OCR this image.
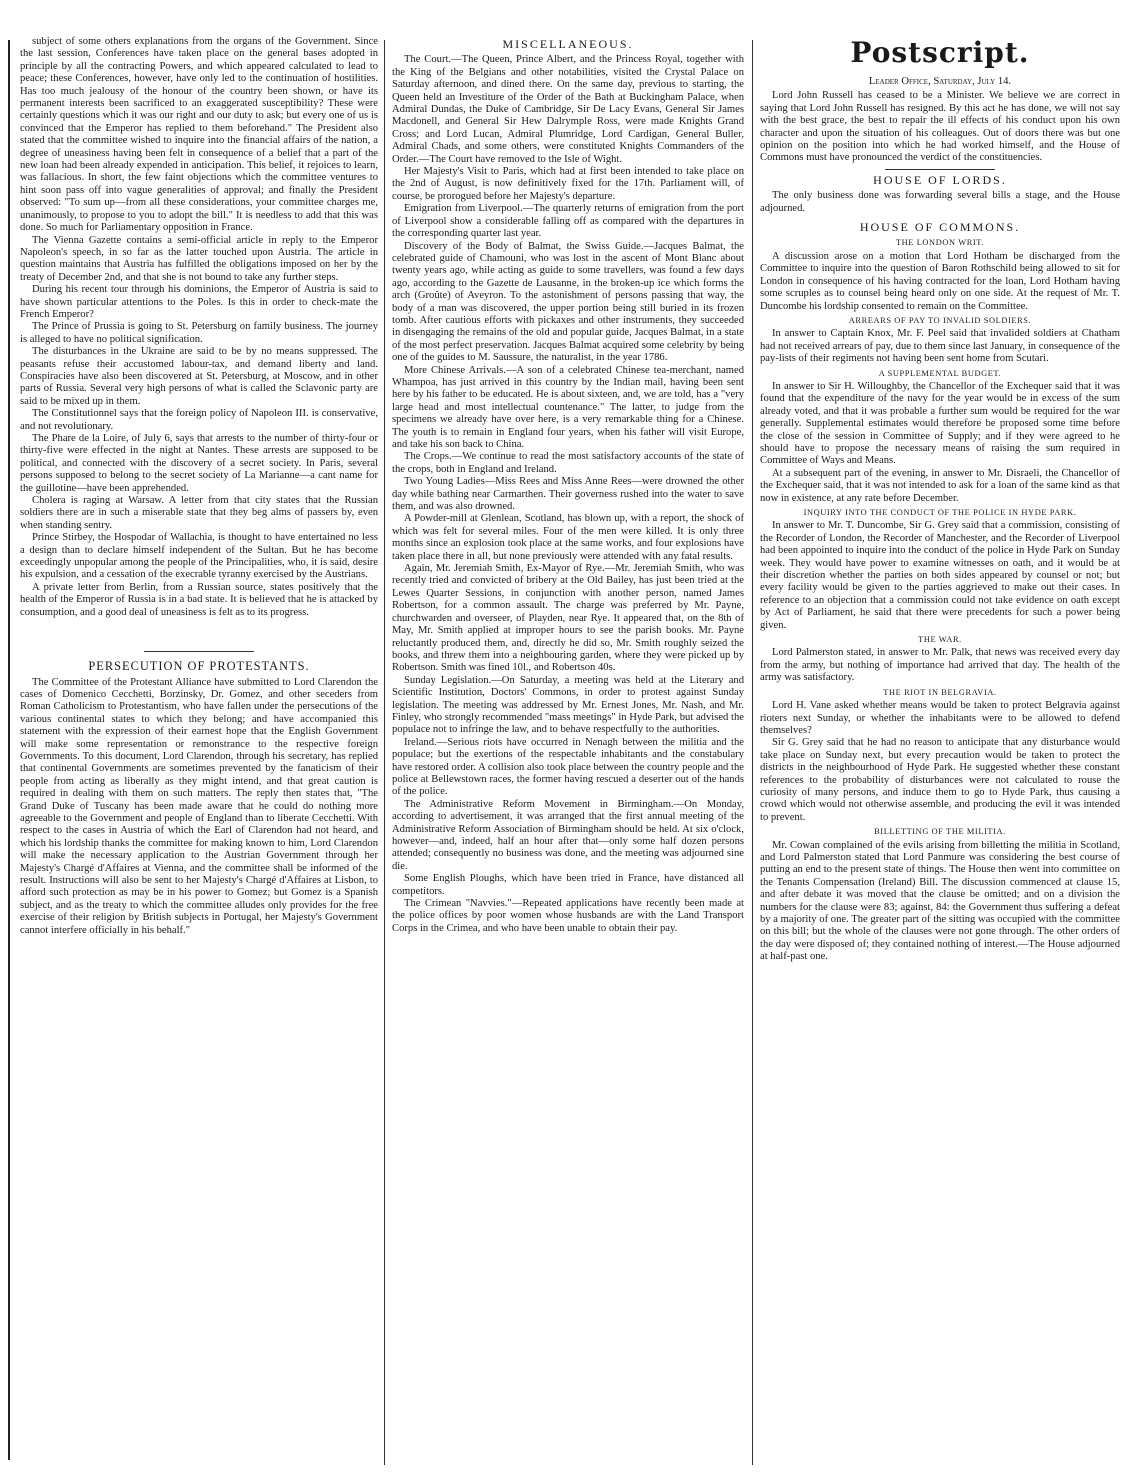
subject of some others explanations from the organs of the Government. Since the last session, Conferences have taken place on the general bases adopted in principle by all the contracting Powers, and which appeared calculated to lead to peace; these Conferences, however, have only led to the continuation of hostilities. Has too much jealousy of the honour of the country been shown, or have its permanent interests been sacrificed to an exaggerated susceptibility? These were certainly questions which it was our right and our duty to ask; but every one of us is convinced that the Emperor has replied to them beforehand." The President also stated that the committee wished to inquire into the financial affairs of the nation, a degree of uneasiness having been felt in consequence of a belief that a part of the new loan had been already expended in anticipation. This belief, it rejoices to learn, was fallacious. In short, the few faint objections which the committee ventures to hint soon pass off into vague generalities of approval; and finally the President observed: "To sum up—from all these considerations, your committee charges me, unanimously, to propose to you to adopt the bill." It is needless to add that this was done. So much for Parliamentary opposition in France.

The Vienna Gazette contains a semi-official article in reply to the Emperor Napoleon's speech, in so far as the latter touched upon Austria. The article in question maintains that Austria has fulfilled the obligations imposed on her by the treaty of December 2nd, and that she is not bound to take any further steps.

During his recent tour through his dominions, the Emperor of Austria is said to have shown particular attentions to the Poles. Is this in order to check-mate the French Emperor?

The Prince of Prussia is going to St. Petersburg on family business. The journey is alleged to have no political signification.

The disturbances in the Ukraine are said to be by no means suppressed. The peasants refuse their accustomed labour-tax, and demand liberty and land. Conspiracies have also been discovered at St. Petersburg, at Moscow, and in other parts of Russia. Several very high persons of what is called the Sclavonic party are said to be mixed up in them.

The Constitutionnel says that the foreign policy of Napoleon III. is conservative, and not revolutionary.

The Phare de la Loire, of July 6, says that arrests to the number of thirty-four or thirty-five were effected in the night at Nantes. These arrests are supposed to be political, and connected with the discovery of a secret society. In Paris, several persons supposed to belong to the secret society of La Marianne—a cant name for the guillotine—have been apprehended.

Cholera is raging at Warsaw. A letter from that city states that the Russian soldiers there are in such a miserable state that they beg alms of passers by, even when standing sentry.

Prince Stirbey, the Hospodar of Wallachia, is thought to have entertained no less a design than to declare himself independent of the Sultan. But he has become exceedingly unpopular among the people of the Principalities, who, it is said, desire his expulsion, and a cessation of the execrable tyranny exercised by the Austrians.

A private letter from Berlin, from a Russian source, states positively that the health of the Emperor of Russia is in a bad state. It is believed that he is attacked by consumption, and a good deal of uneasiness is felt as to its progress.

PERSECUTION OF PROTESTANTS.

The Committee of the Protestant Alliance have submitted to Lord Clarendon the cases of Domenico Cecchetti, Borzinsky, Dr. Gomez, and other seceders from Roman Catholicism to Protestantism, who have fallen under the persecutions of the various continental states to which they belong; and have accompanied this statement with the expression of their earnest hope that the English Government will make some representation or remonstrance to the respective foreign Governments. To this document, Lord Clarendon, through his secretary, has replied that continental Governments are sometimes prevented by the fanaticism of their people from acting as liberally as they might intend, and that great caution is required in dealing with them on such matters. The reply then states that, "The Grand Duke of Tuscany has been made aware that he could do nothing more agreeable to the Government and people of England than to liberate Cecchetti. With respect to the cases in Austria of which the Earl of Clarendon had not heard, and which his lordship thanks the committee for making known to him, Lord Clarendon will make the necessary application to the Austrian Government through her Majesty's Chargé d'Affaires at Vienna, and the committee shall be informed of the result. Instructions will also be sent to her Majesty's Chargé d'Affaires at Lisbon, to afford such protection as may be in his power to Gomez; but Gomez is a Spanish subject, and as the treaty to which the committee alludes only provides for the free exercise of their religion by British subjects in Portugal, her Majesty's Government cannot interfere officially in his behalf."

MISCELLANEOUS.

The Court.—The Queen, Prince Albert, and the Princess Royal, together with the King of the Belgians and other notabilities, visited the Crystal Palace on Saturday afternoon, and dined there. On the same day, previous to starting, the Queen held an Investiture of the Order of the Bath at Buckingham Palace, when Admiral Dundas, the Duke of Cambridge, Sir De Lacy Evans, General Sir James Macdonell, and General Sir Hew Dalrymple Ross, were made Knights Grand Cross; and Lord Lucan, Admiral Plumridge, Lord Cardigan, General Buller, Admiral Chads, and some others, were constituted Knights Commanders of the Order.—The Court have removed to the Isle of Wight.

Her Majesty's Visit to Paris, which had at first been intended to take place on the 2nd of August, is now definitively fixed for the 17th. Parliament will, of course, be prorogued before her Majesty's departure.

Emigration from Liverpool.—The quarterly returns of emigration from the port of Liverpool show a considerable falling off as compared with the departures in the corresponding quarter last year.

Discovery of the Body of Balmat, the Swiss Guide.—Jacques Balmat, the celebrated guide of Chamouni, who was lost in the ascent of Mont Blanc about twenty years ago, while acting as guide to some travellers, was found a few days ago, according to the Gazette de Lausanne, in the broken-up ice which forms the arch (Groûte) of Aveyron. To the astonishment of persons passing that way, the body of a man was discovered, the upper portion being still buried in its frozen tomb. After cautious efforts with pickaxes and other instruments, they succeeded in disengaging the remains of the old and popular guide, Jacques Balmat, in a state of the most perfect preservation. Jacques Balmat acquired some celebrity by being one of the guides to M. Saussure, the naturalist, in the year 1786.

More Chinese Arrivals.—A son of a celebrated Chinese tea-merchant, named Whampoa, has just arrived in this country by the Indian mail, having been sent here by his father to be educated. He is about sixteen, and, we are told, has a "very large head and most intellectual countenance." The latter, to judge from the specimens we already have over here, is a very remarkable thing for a Chinese. The youth is to remain in England four years, when his father will visit Europe, and take his son back to China.

The Crops.—We continue to read the most satisfactory accounts of the state of the crops, both in England and Ireland.

Two Young Ladies—Miss Rees and Miss Anne Rees—were drowned the other day while bathing near Carmarthen. Their governess rushed into the water to save them, and was also drowned.

A Powder-mill at Glenlean, Scotland, has blown up, with a report, the shock of which was felt for several miles. Four of the men were killed. It is only three months since an explosion took place at the same works, and four explosions have taken place there in all, but none previously were attended with any fatal results.

Again, Mr. Jeremiah Smith, Ex-Mayor of Rye.—Mr. Jeremiah Smith, who was recently tried and convicted of bribery at the Old Bailey, has just been tried at the Lewes Quarter Sessions, in conjunction with another person, named James Robertson, for a common assault. The charge was preferred by Mr. Payne, churchwarden and overseer, of Playden, near Rye. It appeared that, on the 8th of May, Mr. Smith applied at improper hours to see the parish books. Mr. Payne reluctantly produced them, and, directly he did so, Mr. Smith roughly seized the books, and threw them into a neighbouring garden, where they were picked up by Robertson. Smith was fined 10l., and Robertson 40s.

Sunday Legislation.—On Saturday, a meeting was held at the Literary and Scientific Institution, Doctors' Commons, in order to protest against Sunday legislation. The meeting was addressed by Mr. Ernest Jones, Mr. Nash, and Mr. Finley, who strongly recommended "mass meetings" in Hyde Park, but advised the populace not to infringe the law, and to behave respectfully to the authorities.

Ireland.—Serious riots have occurred in Nenagh between the militia and the populace; but the exertions of the respectable inhabitants and the constabulary have restored order. A collision also took place between the country people and the police at Bellewstown races, the former having rescued a deserter out of the hands of the police.

The Administrative Reform Movement in Birmingham.—On Monday, according to advertisement, it was arranged that the first annual meeting of the Administrative Reform Association of Birmingham should be held. At six o'clock, however—and, indeed, half an hour after that—only some half dozen persons attended; consequently no business was done, and the meeting was adjourned sine die.

Some English Ploughs, which have been tried in France, have distanced all competitors.

The Crimean "Navvies."—Repeated applications have recently been made at the police offices by poor women whose husbands are with the Land Transport Corps in the Crimea, and who have been unable to obtain their pay.

Postscript.
Leader Office, Saturday, July 14.

Lord John Russell has ceased to be a Minister. We believe we are correct in saying that Lord John Russell has resigned. By this act he has done, we will not say with the best grace, the best to repair the ill effects of his conduct upon his own character and upon the situation of his colleagues. Out of doors there was but one opinion on the position into which he had worked himself, and the House of Commons must have pronounced the verdict of the constituencies.

HOUSE OF LORDS.

The only business done was forwarding several bills a stage, and the House adjourned.

HOUSE OF COMMONS.
THE LONDON WRIT.

A discussion arose on a motion that Lord Hotham be discharged from the Committee to inquire into the question of Baron Rothschild being allowed to sit for London in consequence of his having contracted for the loan, Lord Hotham having some scruples as to counsel being heard only on one side. At the request of Mr. T. Duncombe his lordship consented to remain on the Committee.

ARREARS OF PAY TO INVALID SOLDIERS.

In answer to Captain Knox, Mr. F. Peel said that invalided soldiers at Chatham had not received arrears of pay, due to them since last January, in consequence of the pay-lists of their regiments not having been sent home from Scutari.

A SUPPLEMENTAL BUDGET.

In answer to Sir H. Willoughby, the Chancellor of the Exchequer said that it was found that the expenditure of the navy for the year would be in excess of the sum already voted, and that it was probable a further sum would be required for the war generally. Supplemental estimates would therefore be proposed some time before the close of the session in Committee of Supply; and if they were agreed to he should have to propose the necessary means of raising the sum required in Committee of Ways and Means.

At a subsequent part of the evening, in answer to Mr. Disraeli, the Chancellor of the Exchequer said, that it was not intended to ask for a loan of the same kind as that now in existence, at any rate before December.

INQUIRY INTO THE CONDUCT OF THE POLICE IN HYDE PARK.

In answer to Mr. T. Duncombe, Sir G. Grey said that a commission, consisting of the Recorder of London, the Recorder of Manchester, and the Recorder of Liverpool had been appointed to inquire into the conduct of the police in Hyde Park on Sunday week. They would have power to examine witnesses on oath, and it would be at their discretion whether the parties on both sides appeared by counsel or not; but every facility would be given to the parties aggrieved to make out their cases. In reference to an objection that a commission could not take evidence on oath except by Act of Parliament, he said that there were precedents for such a power being given.

THE WAR.

Lord Palmerston stated, in answer to Mr. Palk, that news was received every day from the army, but nothing of importance had arrived that day. The health of the army was satisfactory.

THE RIOT IN BELGRAVIA.

Lord H. Vane asked whether means would be taken to protect Belgravia against rioters next Sunday, or whether the inhabitants were to be allowed to defend themselves?

Sir G. Grey said that he had no reason to anticipate that any disturbance would take place on Sunday next, but every precaution would be taken to protect the districts in the neighbourhood of Hyde Park. He suggested whether these constant references to the probability of disturbances were not calculated to rouse the curiosity of many persons, and induce them to go to Hyde Park, thus causing a crowd which would not otherwise assemble, and producing the evil it was intended to prevent.

BILLETTING OF THE MILITIA.

Mr. Cowan complained of the evils arising from billetting the militia in Scotland, and Lord Palmerston stated that Lord Panmure was considering the best course of putting an end to the present state of things. The House then went into committee on the Tenants Compensation (Ireland) Bill. The discussion commenced at clause 15, and after debate it was moved that the clause be omitted; and on a division the numbers for the clause were 83; against, 84: the Government thus suffering a defeat by a majority of one. The greater part of the sitting was occupied with the committee on this bill; but the whole of the clauses were not gone through. The other orders of the day were disposed of; they contained nothing of interest.—The House adjourned at half-past one.
